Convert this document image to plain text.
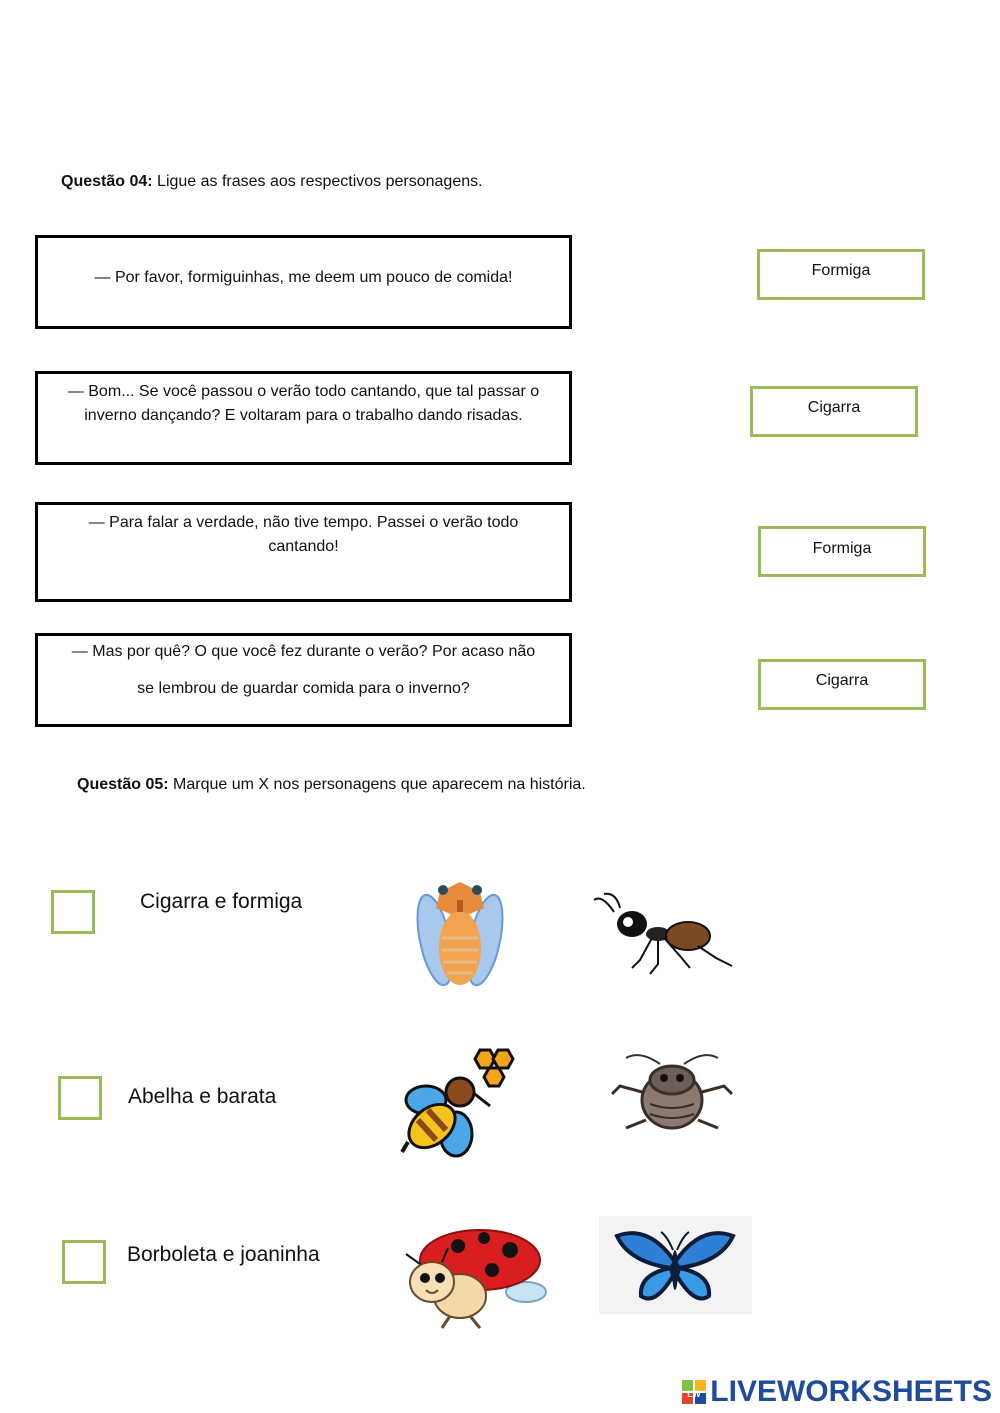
Questão 04: Ligue as frases aos respectivos personagens.
— Por favor, formiguinhas, me deem um pouco de comida!
— Bom... Se você passou o verão todo cantando, que tal passar o inverno dançando? E voltaram para o trabalho dando risadas.
— Para falar a verdade, não tive tempo. Passei o verão todo cantando!
— Mas por quê? O que você fez durante o verão? Por acaso não
se lembrou de guardar comida para o inverno?
Formiga
Cigarra
Formiga
Cigarra
Questão 05: Marque um X nos personagens que aparecem na história.
Cigarra e formiga
Abelha e barata
Borboleta e joaninha
LW LIVEWORKSHEETS
